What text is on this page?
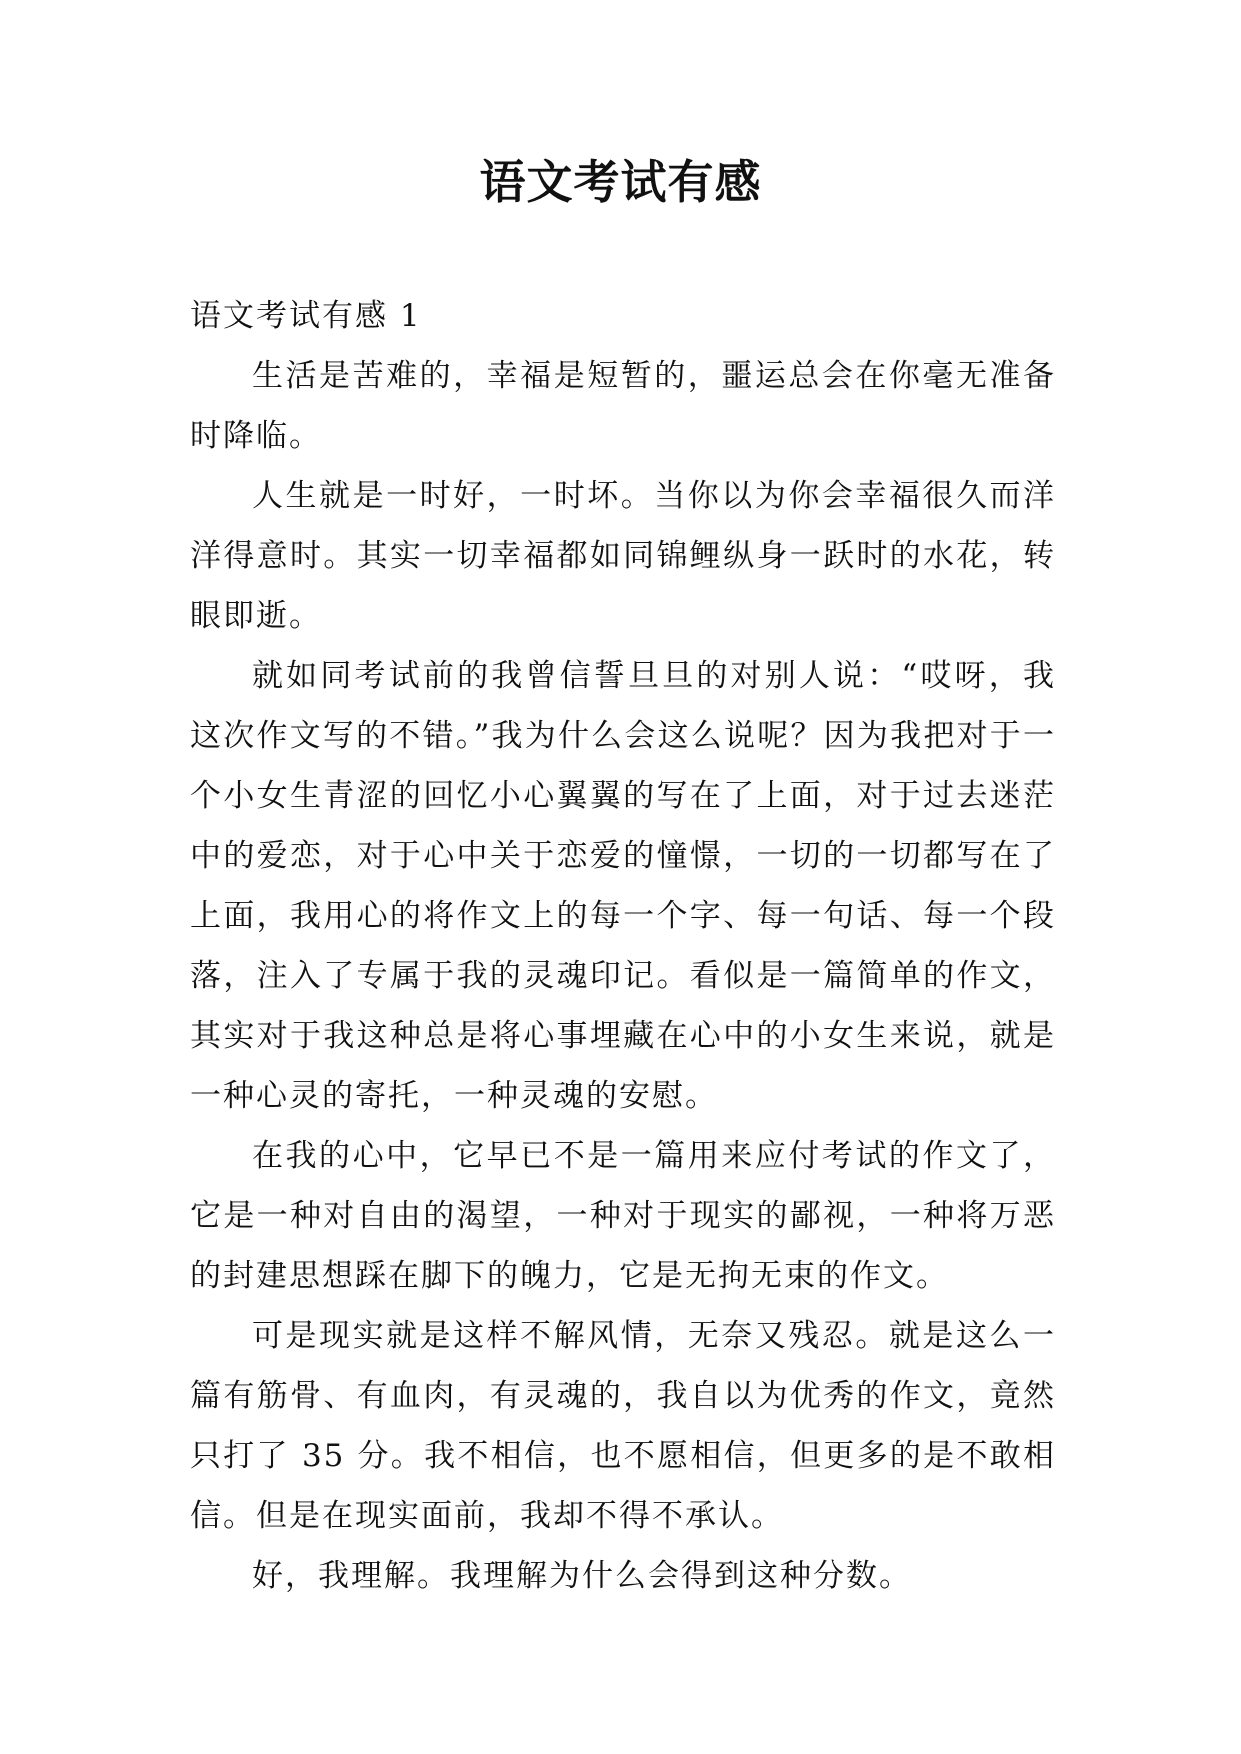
语文考试有感

语文考试有感 1

生活是苦难的，幸福是短暂的，噩运总会在你毫无准备时降临。

人生就是一时好，一时坏。当你以为你会幸福很久而洋洋得意时。其实一切幸福都如同锦鲤纵身一跃时的水花，转眼即逝。

就如同考试前的我曾信誓旦旦的对别人说：“哎呀，我这次作文写的不错。”我为什么会这么说呢？因为我把对于一个小女生青涩的回忆小心翼翼的写在了上面，对于过去迷茫中的爱恋，对于心中关于恋爱的憧憬，一切的一切都写在了上面，我用心的将作文上的每一个字、每一句话、每一个段落，注入了专属于我的灵魂印记。看似是一篇简单的作文，其实对于我这种总是将心事埋藏在心中的小女生来说，就是一种心灵的寄托，一种灵魂的安慰。

在我的心中，它早已不是一篇用来应付考试的作文了，它是一种对自由的渴望，一种对于现实的鄙视，一种将万恶的封建思想踩在脚下的魄力，它是无拘无束的作文。

可是现实就是这样不解风情，无奈又残忍。就是这么一篇有筋骨、有血肉，有灵魂的，我自以为优秀的作文，竟然只打了 35 分。我不相信，也不愿相信，但更多的是不敢相信。但是在现实面前，我却不得不承认。

好，我理解。我理解为什么会得到这种分数。
